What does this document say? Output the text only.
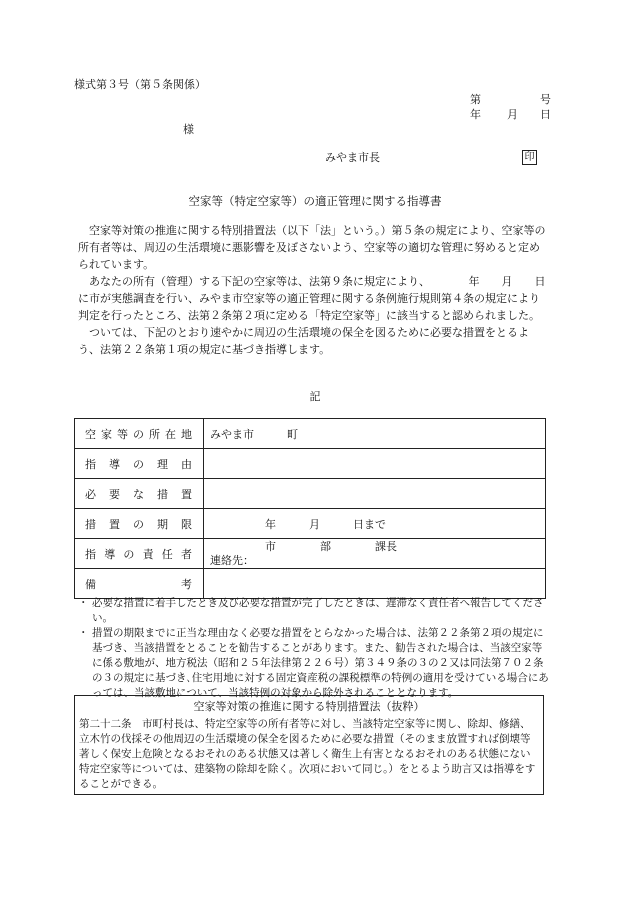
様式第３号（第５条関係）
第	号
年 月 日
様
みやま市長	印
空家等（特定空家等）の適正管理に関する指導書

空家等対策の推進に関する特別措置法（以下「法」という。）第５条の規定により、空家等の所有者等は、周辺の生活環境に悪影響を及ぼさないよう、空家等の適切な管理に努めると定められています。

あなたの所有（管理）する下記の空家等は、法第９条に規定により、　　　　年　　月　　日に市が実態調査を行い、みやま市空家等の適正管理に関する条例施行規則第４条の規定により判定を行ったところ、法第２条第２項に定める「特定空家等」に該当すると認められました。

ついては、下記のとおり速やかに周辺の生活環境の保全を図るために必要な措置をとるよう、法第２２条第１項の規定に基づき指導します。

記
空家等の所在地	みやま市　　　町
指導の理由	
必要な措置	
措置の期限	　　　　　年　　　月　　　日まで
指導の責任者	　　　　　市　　　　部　　　　課長
連絡先：

備考	

・ 必要な措置に着手したとき及び必要な措置が完了したときは、遅滞なく責任者へ報告してください。

・ 措置の期限までに正当な理由なく必要な措置をとらなかった場合は、法第２２条第２項の規定に基づき、当該措置をとることを勧告することがあります。また、勧告された場合は、当該空家等に係る敷地が、地方税法（昭和２５年法律第２２６号）第３４９条の３の２又は同法第７０２条の３の規定に基づき､住宅用地に対する固定資産税の課税標準の特例の適用を受けている場合にあっては、当該敷地について、当該特例の対象から除外されることとなります。

空家等対策の推進に関する特別措置法（抜粋）
第二十二条　市町村長は、特定空家等の所有者等に対し、当該特定空家等に関し、除却、修繕、立木竹の伐採その他周辺の生活環境の保全を図るために必要な措置（そのまま放置すれば倒壊等著しく保安上危険となるおそれのある状態又は著しく衛生上有害となるおそれのある状態にない特定空家等については、建築物の除却を除く。次項において同じ。）をとるよう助言又は指導をすることができる。
